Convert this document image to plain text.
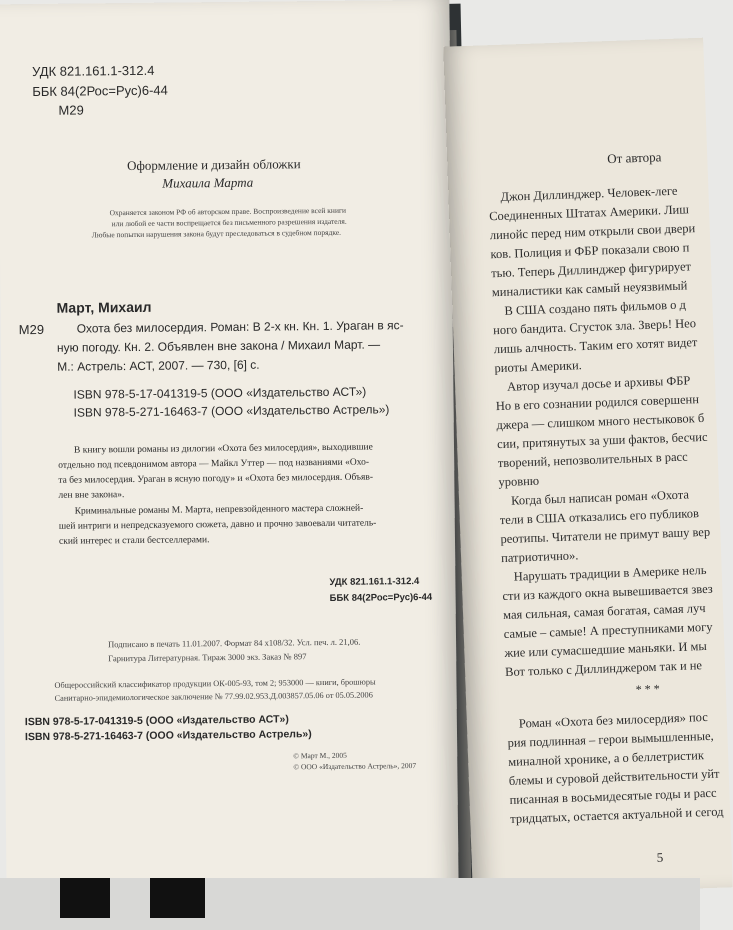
УДК 821.161.1-312.4
ББК 84(2Рос=Рус)6-44
М29
Оформление и дизайн обложки
Михаила Марта
Охраняется законом РФ об авторском праве. Воспроизведение всей книги
или любой ее части воспрещается без письменного разрешения издателя.
Любые попытки нарушения закона будут преследоваться в судебном порядке.
Март, Михаил
М29	Охота без милосердия. Роман: В 2-х кн. Кн. 1. Ураган в яс-
ную погоду. Кн. 2. Объявлен вне закона / Михаил Март. —
М.: Астрель: АСТ, 2007. — 730, [6] с.
ISBN 978-5-17-041319-5 (ООО «Издательство АСТ»)
ISBN 978-5-271-16463-7 (ООО «Издательство Астрель»)
В книгу вошли романы из дилогии «Охота без милосердия», выходившие
отдельно под псевдонимом автора — Майкл Уттер — под названиями «Охо-
та без милосердия. Ураган в ясную погоду» и «Охота без милосердия. Объяв-
лен вне закона».
Криминальные романы М. Марта, непревзойденного мастера сложней-
шей интриги и непредсказуемого сюжета, давно и прочно завоевали читатель-
ский интерес и стали бестселлерами.
УДК 821.161.1-312.4
ББК 84(2Рос=Рус)6-44
Подписано в печать 11.01.2007. Формат 84 x108/32. Усл. печ. л. 21,06.
Гарнитура Литературная. Тираж 3000 экз. Заказ № 897
Общероссийский классификатор продукции ОК-005-93, том 2; 953000 — книги, брошюры
Санитарно-эпидемиологическое заключение № 77.99.02.953.Д.003857.05.06 от 05.05.2006
ISBN 978-5-17-041319-5 (ООО «Издательство АСТ»)
ISBN 978-5-271-16463-7 (ООО «Издательство Астрель»)
© Март М., 2005
© ООО «Издательство Астрель», 2007
От автора
Джон Диллинджер. Человек-леге
Соединенных Штатах Америки. Лиш
линойс перед ним открыли свои двери
ков. Полиция и ФБР показали свою п
тью. Теперь Диллинджер фигурирует
миналистики как самый неуязвимый
В США создано пять фильмов о д
ного бандита. Сгусток зла. Зверь! Нео
лишь алчность. Таким его хотят видет
риоты Америки.
Автор изучал досье и архивы ФБР
Но в его сознании родился совершенн
джера — слишком много нестыковок б
сии, притянутых за уши фактов, бесчис
творений, непозволительных в расс
уровню
Когда был написан роман «Охота
тели в США отказались его публиков
реотипы. Читатели не примут вашу вер
патриотично».
Нарушать традиции в Америке нель
сти из каждого окна вывешивается звез
мая сильная, самая богатая, самая луч
самые – самые! А преступниками могу
жие или сумасшедшие маньяки. И мы
Вот только с Диллинджером так и не
* * *
Роман «Охота без милосердия» пос
рия подлинная – герои вымышленные,
миналной хронике, а о беллетристик
блемы и суровой действительности уйт
писанная в восьмидесятые годы и расс
тридцатых, остается актуальной и сегод
5
